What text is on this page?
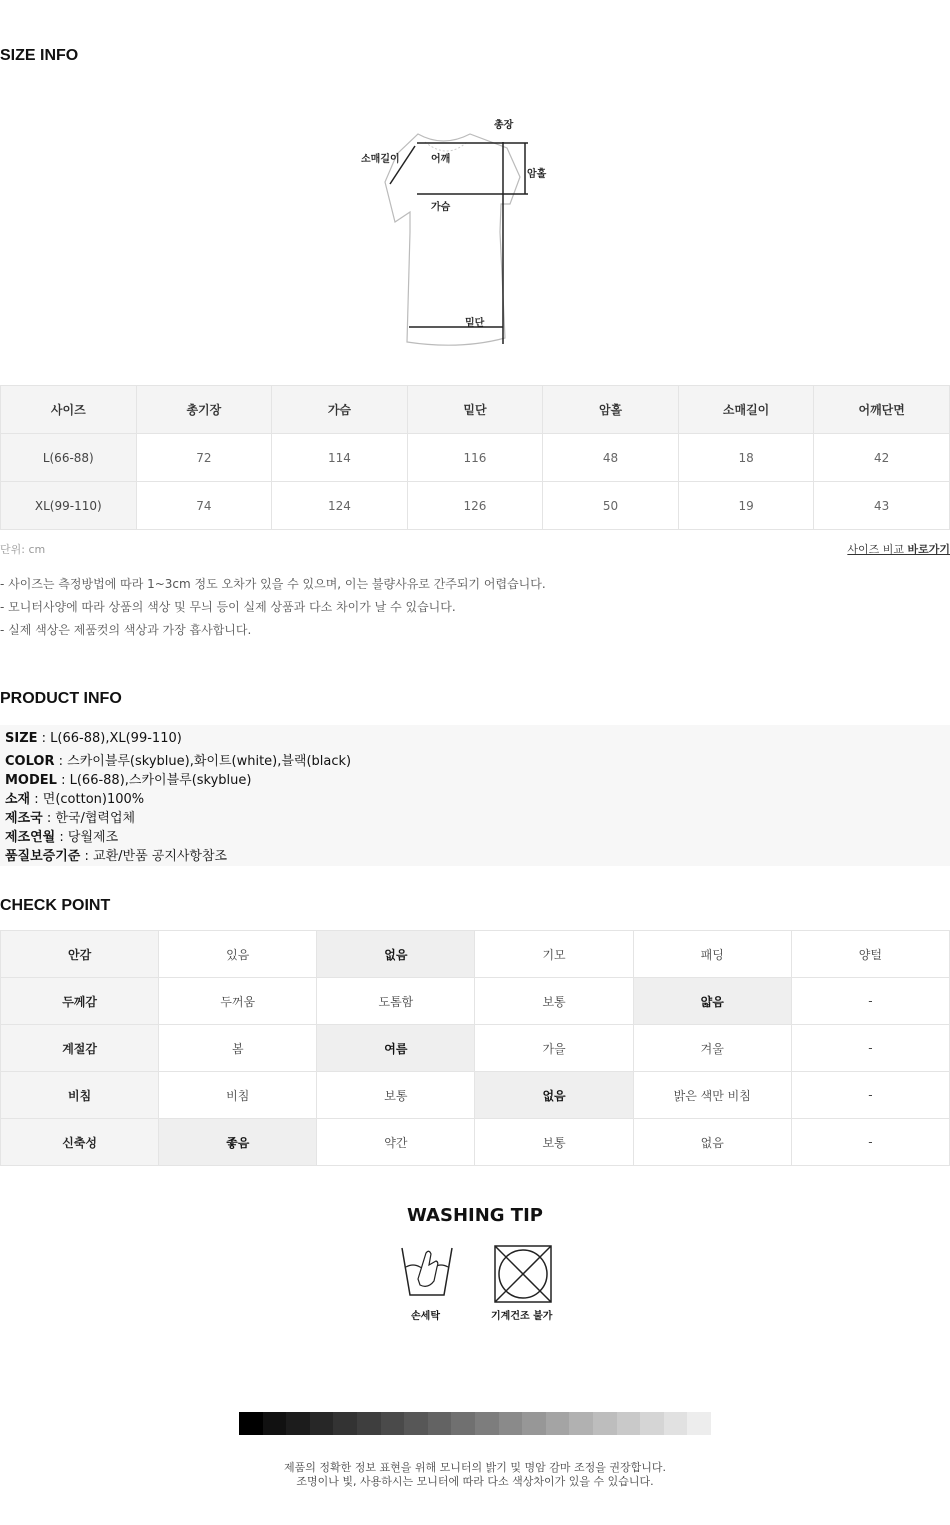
SIZE INFO
총장
소매길이	어깨
암홀
가슴
밑단
사이즈	총기장	가슴	밑단	암홀	소매길이	어깨단면
L(66-88)	72	114	116	48	18	42
XL(99-110)	74	124	126	50	19	43
단위: cm	사이즈 비교 바로가기
- 사이즈는 측정방법에 따라 1~3cm 정도 오차가 있을 수 있으며, 이는 불량사유로 간주되기 어렵습니다.
- 모니터사양에 따라 상품의 색상 및 무늬 등이 실제 상품과 다소 차이가 날 수 있습니다.
- 실제 색상은 제품컷의 색상과 가장 흡사합니다.
PRODUCT INFO
SIZE : L(66-88),XL(99-110)
COLOR : 스카이블루(skyblue),화이트(white),블랙(black)
MODEL : L(66-88),스카이블루(skyblue)
소재 : 면(cotton)100%
제조국 : 한국/협력업체
제조연월 : 당월제조
품질보증기준 : 교환/반품 공지사항참조
CHECK POINT
안감	있음	없음	기모	패딩	양털
두께감	두꺼움	도톰함	보통	얇음	-
계절감	봄	여름	가을	겨울	-
비침	비침	보통	없음	밝은 색만 비침	-
신축성	좋음	약간	보통	없음	-
WASHING TIP
손세탁	기계건조 불가
제품의 정확한 정보 표현을 위해 모니터의 밝기 및 명암 감마 조정을 권장합니다.
조명이나 빛, 사용하시는 모니터에 따라 다소 색상차이가 있을 수 있습니다.
